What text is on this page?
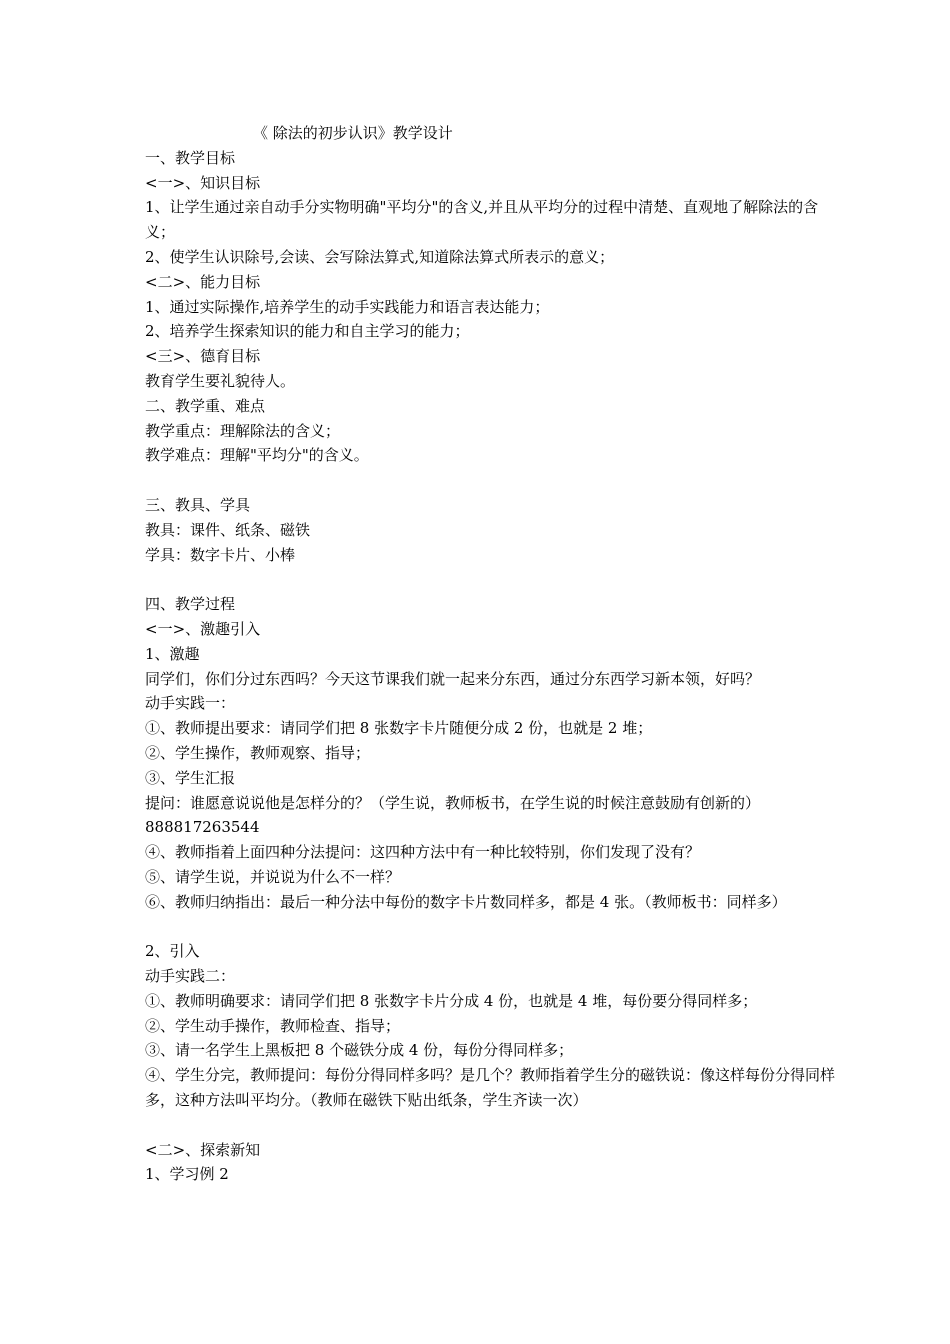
《 除法的初步认识》教学设计
一、教学目标
<一>、知识目标
1、让学生通过亲自动手分实物明确"平均分"的含义,并且从平均分的过程中清楚、直观地了解除法的含义；
2、使学生认识除号,会读、会写除法算式,知道除法算式所表示的意义；
<二>、能力目标
1、通过实际操作,培养学生的动手实践能力和语言表达能力；
2、培养学生探索知识的能力和自主学习的能力；
<三>、德育目标
教育学生要礼貌待人。
二、教学重、难点
教学重点：理解除法的含义；
教学难点：理解"平均分"的含义。
三、教具、学具
教具：课件、纸条、磁铁
学具：数字卡片、小棒
四、教学过程
<一>、激趣引入
1、激趣
同学们，你们分过东西吗？今天这节课我们就一起来分东西，通过分东西学习新本领，好吗？
动手实践一：
①、教师提出要求：请同学们把 8 张数字卡片随便分成 2 份，也就是 2 堆；
②、学生操作，教师观察、指导；
③、学生汇报
提问：谁愿意说说他是怎样分的？（学生说，教师板书，在学生说的时候注意鼓励有创新的）
888817263544
④、教师指着上面四种分法提问：这四种方法中有一种比较特别，你们发现了没有？
⑤、请学生说，并说说为什么不一样？
⑥、教师归纳指出：最后一种分法中每份的数字卡片数同样多，都是 4 张。（教师板书：同样多）
2、引入
动手实践二：
①、教师明确要求：请同学们把 8 张数字卡片分成 4 份，也就是 4 堆，每份要分得同样多；
②、学生动手操作，教师检查、指导；
③、请一名学生上黑板把 8 个磁铁分成 4 份，每份分得同样多；
④、学生分完，教师提问：每份分得同样多吗？是几个？教师指着学生分的磁铁说：像这样每份分得同样多，这种方法叫平均分。（教师在磁铁下贴出纸条，学生齐读一次）
<二>、探索新知
1、学习例 2
